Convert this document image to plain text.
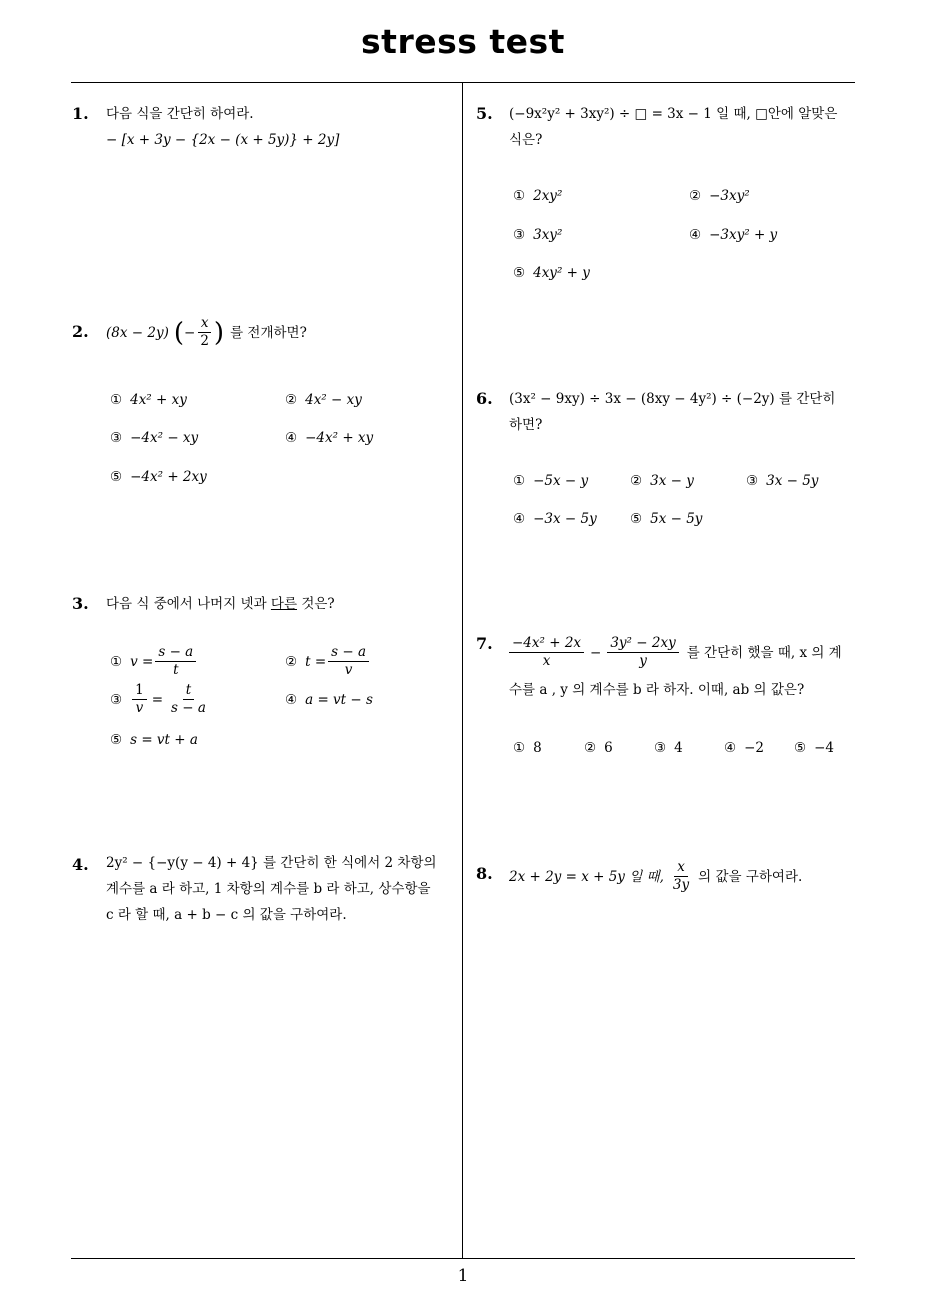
stress test
1
1. 다음 식을 간단히 하여라.
− [x + 3y − {2x − (x + 5y)} + 2y]
2. (8x − 2y) ( − $\frac{x}{2}$ ) 를 전개하면?
① 4x² + xy	② 4x² − xy
③ −4x² − xy	④ −4x² + xy
⑤ −4x² + 2xy
3. 다음 식 중에서 나머지 넷과 다른 것은?
① $v = \frac{s - a}{t}$	② $t = \frac{s - a}{v}$
③ $\frac{1}{v} = \frac{t}{s - a}$	④ a = vt − s
⑤ s = vt + a
4. 2y² − {−y(y − 4) + 4} 를 간단히 한 식에서 2 차항의
계수를 a 라 하고, 1 차항의 계수를 b 라 하고, 상수항을
c 라 할 때, a + b − c 의 값을 구하여라.
5. (−9x²y² + 3xy²) ÷ □ = 3x − 1 일 때, □안에 알맞은
식은?
① 2xy²	② −3xy²
③ 3xy²	④ −3xy² + y
⑤ 4xy² + y
6. (3x² − 9xy) ÷ 3x − (8xy − 4y²) ÷ (−2y) 를 간단히
하면?
① −5x − y	② 3x − y	③ 3x − 5y
④ −3x − 5y ⑤ 5x − 5y
7. $\frac{\text{−4x² + 2x}}{x} - \frac{\text{3y² − 2xy}}{y}$ 를 간단히 했을 때, x 의 계
수를 a , y 의 계수를 b 라 하자. 이때, ab 의 값은?
① 8	② 6	③ 4	④ −2 ⑤ −4
8. 2x + 2y = x + 5y 일 때, $\frac{x}{3y}$ 의 값을 구하여라.
